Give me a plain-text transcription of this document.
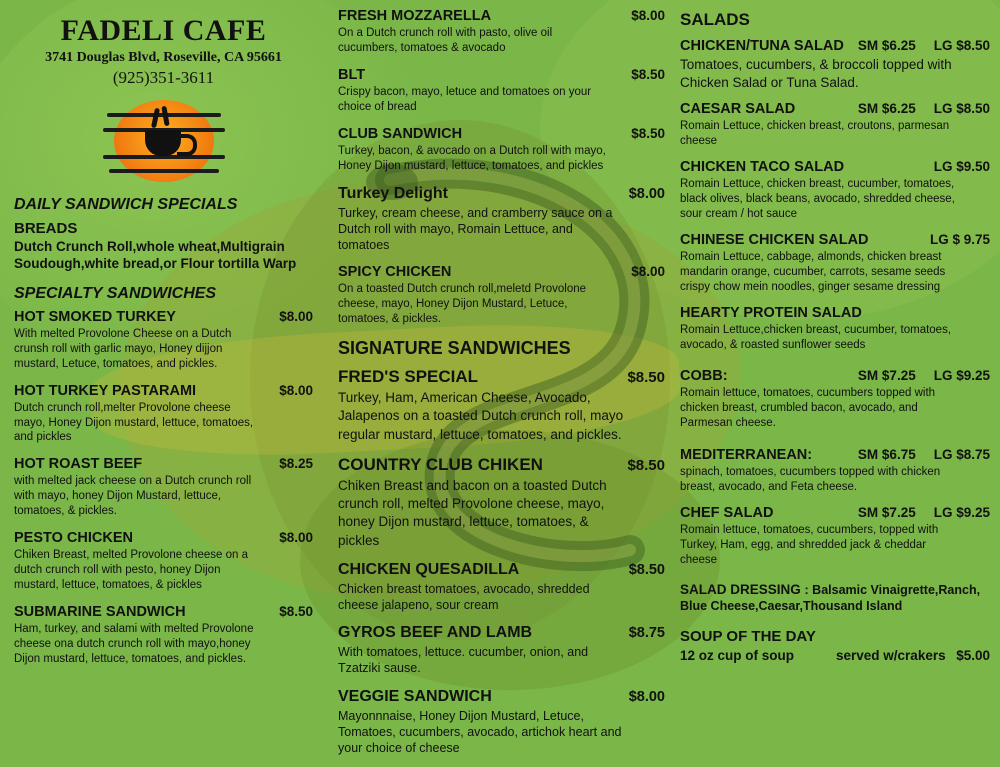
FADELI CAFE
3741 Douglas Blvd, Roseville, CA 95661
(925)351-3611
DAILY SANDWICH SPECIALS
BREADS
Dutch Crunch Roll,whole wheat,Multigrain Soudough,white bread,or Flour tortilla Warp
SPECIALTY SANDWICHES
HOT SMOKED TURKEY	$8.00
With melted Provolone Cheese on a Dutch crunsh roll with garlic mayo, Honey dijjon mustard, Letuce, tomatoes, and pickles.
HOT TURKEY PASTARAMI	$8.00
Dutch crunch roll,melter Provolone cheese mayo, Honey Dijon mustard, lettuce, tomatoes, and pickles
HOT ROAST BEEF	$8.25
with melted jack cheese on a Dutch crunch roll with mayo, honey Dijon Mustard, lettuce, tomatoes, & pickles.
PESTO CHICKEN	$8.00
Chiken Breast, melted Provolone cheese on a dutch crunch roll with pesto, honey Dijon mustard, lettuce, tomatoes, & pickles
SUBMARINE SANDWICH	$8.50
Ham, turkey, and salami with melted Provolone cheese ona dutch crunch roll with mayo,honey Dijon mustard, lettuce, tomatoes, and pickles.
FRESH MOZZARELLA	$8.00
On a Dutch crunch roll with pasto, olive oil cucumbers, tomatoes & avocado
BLT	$8.50
Crispy bacon, mayo, letuce and tomatoes on your choice of bread
CLUB SANDWICH	$8.50
Turkey, bacon, & avocado on a Dutch roll with mayo, Honey Dijon mustard, lettuce, tomatoes, and pickles
Turkey Delight	$8.00
Turkey, cream cheese, and cramberry sauce on a Dutch roll with mayo, Romain Lettuce, and tomatoes
SPICY CHICKEN	$8.00
On a toasted Dutch crunch roll,meletd Provolone cheese, mayo, Honey Dijon Mustard, Letuce, tomatoes, & pickles.
SIGNATURE SANDWICHES
FRED'S SPECIAL	$8.50
Turkey, Ham, American Cheese, Avocado, Jalapenos on a toasted Dutch crunch roll, mayo regular mustard, lettuce, tomatoes, and pickles.
COUNTRY CLUB CHIKEN	$8.50
Chiken Breast and bacon on a toasted Dutch crunch roll, melted Provolone cheese, mayo, honey Dijon mustard, lettuce, tomatoes, & pickles
CHICKEN QUESADILLA	$8.50
Chicken breast tomatoes, avocado, shredded cheese jalapeno, sour cream
GYROS BEEF AND LAMB	$8.75
With tomatoes, lettuce. cucumber, onion, and Tzatziki sause.
VEGGIE SANDWICH	$8.00
Mayonnnaise, Honey Dijon Mustard, Letuce, Tomatoes, cucumbers, avocado, artichok heart and your choice of cheese
SALADS
CHICKEN/TUNA SALAD SM $6.25 LG $8.50
Tomatoes, cucumbers, & broccoli topped with Chicken Salad or Tuna Salad.
CAESAR SALAD	SM $6.25 LG $8.50
Romain Lettuce, chicken breast, croutons, parmesan cheese
CHICKEN TACO SALAD	LG $9.50
Romain Lettuce, chicken breast, cucumber, tomatoes, black olives, black beans, avocado, shredded cheese, sour cream / hot sauce
CHINESE CHICKEN SALAD	LG $ 9.75
Romain Lettuce, cabbage, almonds, chicken breast mandarin orange, cucumber, carrots, sesame seeds crispy chow mein noodles, ginger sesame dressing
HEARTY PROTEIN SALAD
Romain Lettuce,chicken breast, cucumber, tomatoes, avocado, & roasted sunflower seeds
COBB:	SM $7.25 LG $9.25
Romain lettuce, tomatoes, cucumbers topped with chicken breast, crumbled bacon, avocado, and Parmesan cheese.
MEDITERRANEAN:	SM $6.75 LG $8.75
spinach, tomatoes, cucumbers topped with chicken breast, avocado, and Feta cheese.
CHEF SALAD	SM $7.25 LG $9.25
Romain lettuce, tomatoes, cucumbers, topped with Turkey, Ham, egg, and shredded jack & cheddar cheese
SALAD DRESSING : Balsamic Vinaigrette,Ranch, Blue Cheese,Caesar,Thousand Island
SOUP OF THE DAY
12 oz cup of soup	served w/crakers $5.00
